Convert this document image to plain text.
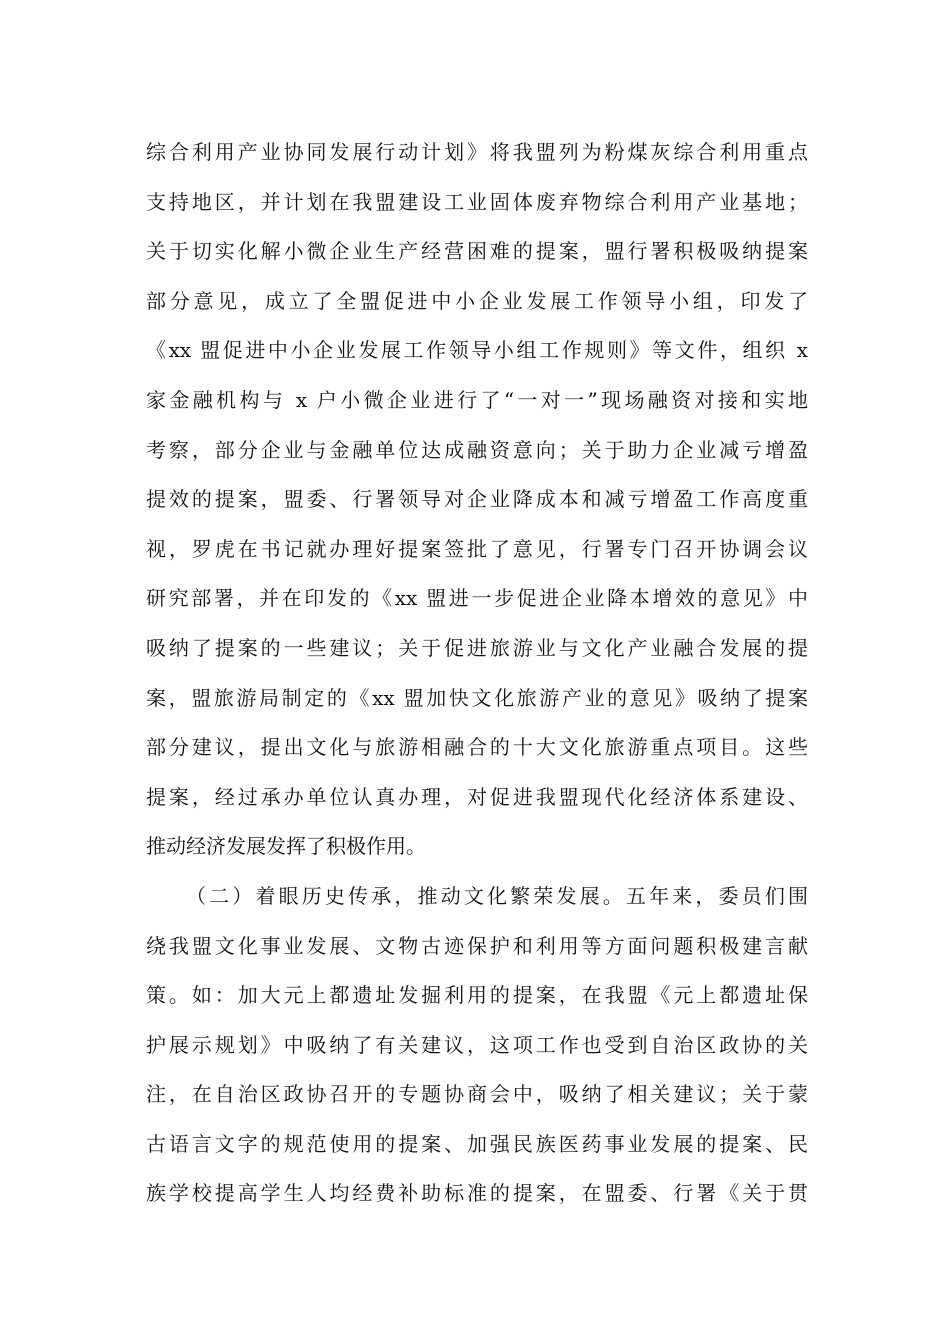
综合利用产业协同发展行动计划》将我盟列为粉煤灰综合利用重点
支持地区，并计划在我盟建设工业固体废弃物综合利用产业基地；
关于切实化解小微企业生产经营困难的提案，盟行署积极吸纳提案
部分意见，成立了全盟促进中小企业发展工作领导小组，印发了
《xx 盟促进中小企业发展工作领导小组工作规则》等文件，组织 x
家金融机构与 x 户小微企业进行了“一对一”现场融资对接和实地
考察，部分企业与金融单位达成融资意向；关于助力企业减亏增盈
提效的提案，盟委、行署领导对企业降成本和减亏增盈工作高度重
视，罗虎在书记就办理好提案签批了意见，行署专门召开协调会议
研究部署，并在印发的《xx 盟进一步促进企业降本增效的意见》中
吸纳了提案的一些建议；关于促进旅游业与文化产业融合发展的提
案，盟旅游局制定的《xx 盟加快文化旅游产业的意见》吸纳了提案
部分建议，提出文化与旅游相融合的十大文化旅游重点项目。这些
提案，经过承办单位认真办理，对促进我盟现代化经济体系建设、
推动经济发展发挥了积极作用。
（二）着眼历史传承，推动文化繁荣发展。五年来，委员们围
绕我盟文化事业发展、文物古迹保护和利用等方面问题积极建言献
策。如：加大元上都遗址发掘利用的提案，在我盟《元上都遗址保
护展示规划》中吸纳了有关建议，这项工作也受到自治区政协的关
注，在自治区政协召开的专题协商会中，吸纳了相关建议；关于蒙
古语言文字的规范使用的提案、加强民族医药事业发展的提案、民
族学校提高学生人均经费补助标准的提案，在盟委、行署《关于贯
